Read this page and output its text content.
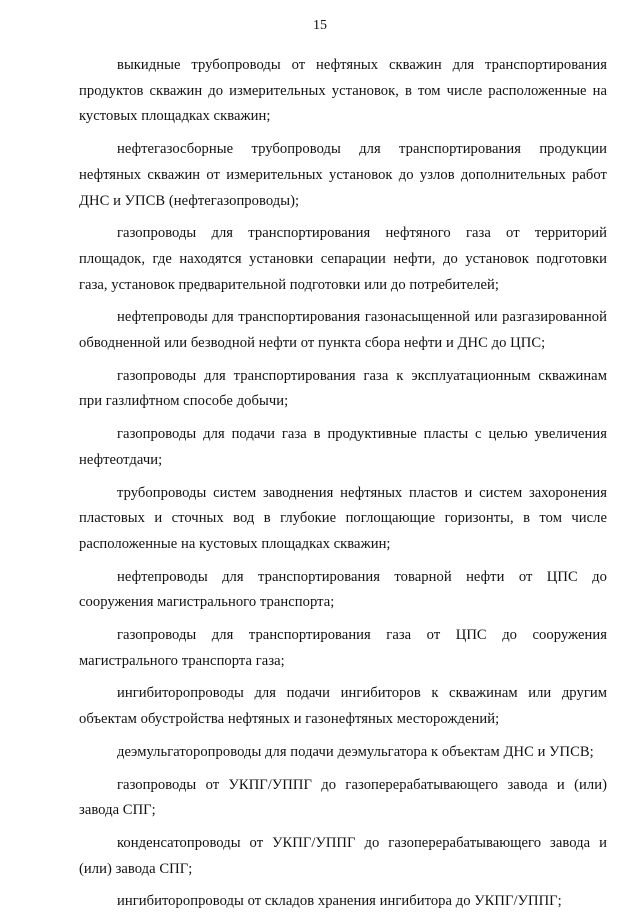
15

выкидные трубопроводы от нефтяных скважин для транспортирования продуктов скважин до измерительных установок, в том числе расположенные на кустовых площадках скважин;

нефтегазосборные трубопроводы для транспортирования продукции нефтяных скважин от измерительных установок до узлов дополнительных работ ДНС и УПСВ (нефтегазопроводы);

газопроводы для транспортирования нефтяного газа от территорий площадок, где находятся установки сепарации нефти, до установок подготовки газа, установок предварительной подготовки или до потребителей;

нефтепроводы для транспортирования газонасыщенной или разгазированной обводненной или безводной нефти от пункта сбора нефти и ДНС до ЦПС;

газопроводы для транспортирования газа к эксплуатационным скважинам при газлифтном способе добычи;

газопроводы для подачи газа в продуктивные пласты с целью увеличения нефтеотдачи;

трубопроводы систем заводнения нефтяных пластов и систем захоронения пластовых и сточных вод в глубокие поглощающие горизонты, в том числе расположенные на кустовых площадках скважин;

нефтепроводы для транспортирования товарной нефти от ЦПС до сооружения магистрального транспорта;

газопроводы для транспортирования газа от ЦПС до сооружения магистрального транспорта газа;

ингибиторопроводы для подачи ингибиторов к скважинам или другим объектам обустройства нефтяных и газонефтяных месторождений;

деэмульгаторопроводы для подачи деэмульгатора к объектам ДНС и УПСВ;

газопроводы от УКПГ/УППГ до газоперерабатывающего завода и (или) завода СПГ;

конденсатопроводы от УКПГ/УППГ до газоперерабатывающего завода и (или) завода СПГ;

ингибиторопроводы от складов хранения ингибитора до УКПГ/УППГ;
